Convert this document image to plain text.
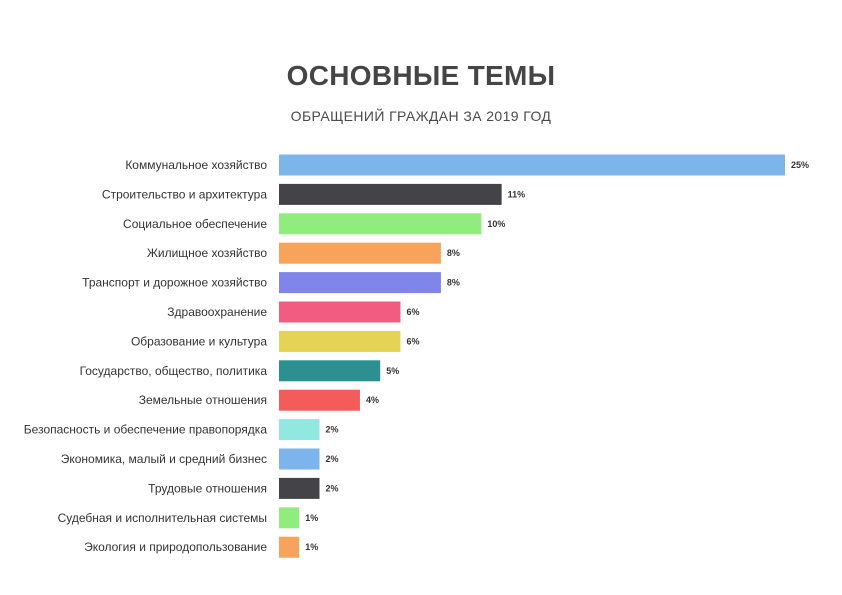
ОСНОВНЫЕ ТЕМЫ
ОБРАЩЕНИЙ ГРАЖДАН ЗА 2019 ГОД
Коммунальное хозяйство	25%
Строительство и архитектура	11%
Социальное обеспечение	10%
Жилищное хозяйство	8%
Транспорт и дорожное хозяйство	8%
Здравоохранение	6%
Образование и культура	6%
Государство, общество, политика	5%
Земельные отношения	4%
Безопасность и обеспечение правопорядка	2%
Экономика, малый и средний бизнес	2%
Трудовые отношения	2%
Судебная и исполнительная системы	1%
Экология и природопользование	1%
